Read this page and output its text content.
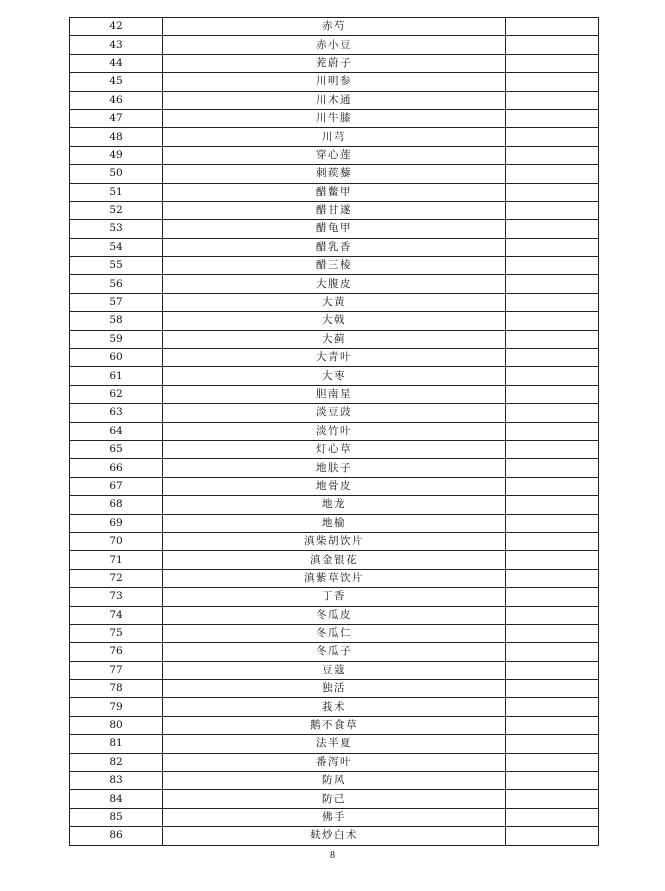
42	赤芍	
43	赤小豆	
44	茺蔚子	
45	川明参	
46	川木通	
47	川牛膝	
48	川芎	
49	穿心莲	
50	刺蒺藜	
51	醋鳖甲	
52	醋甘遂	
53	醋龟甲	
54	醋乳香	
55	醋三棱	
56	大腹皮	
57	大黄	
58	大戟	
59	大蓟	
60	大青叶	
61	大枣	
62	胆南星	
63	淡豆豉	
64	淡竹叶	
65	灯心草	
66	地肤子	
67	地骨皮	
68	地龙	
69	地榆	
70	滇柴胡饮片	
71	滇金银花	
72	滇紫草饮片	
73	丁香	
74	冬瓜皮	
75	冬瓜仁	
76	冬瓜子	
77	豆蔻	
78	独活	
79	莪术	
80	鹅不食草	
81	法半夏	
82	番泻叶	
83	防风	
84	防己	
85	佛手	
86	麸炒白术	
8
